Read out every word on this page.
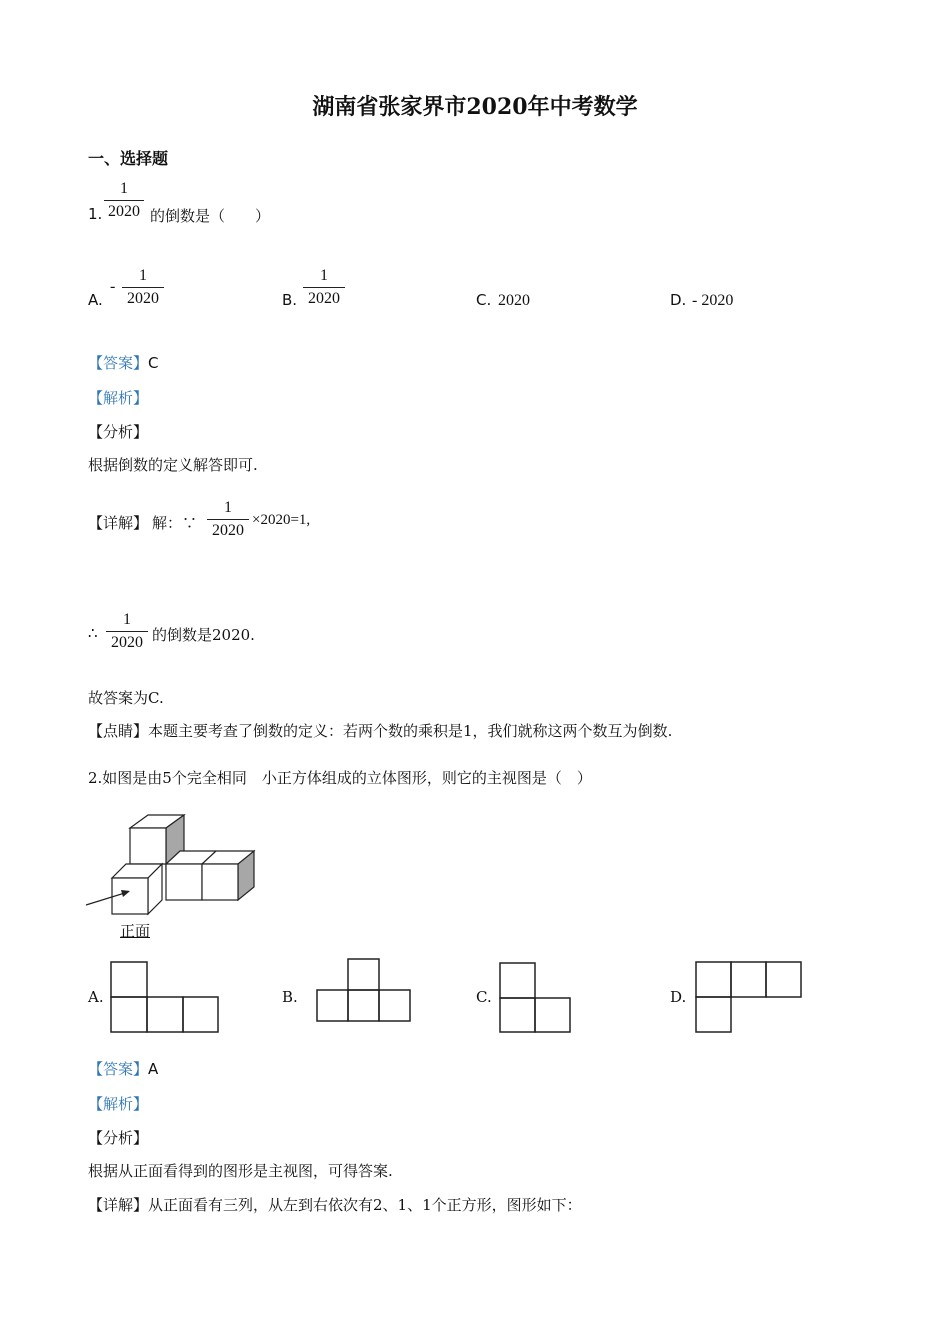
湖南省张家界市2020年中考数学
一、选择题
1.
1
2020 的倒数是（　　）
A.
-
1
2020	B.
1
2020	C. 2020	D. - 2020
【答案】C
【解析】
【分析】
根据倒数的定义解答即可.
【详解】 解：∵
1
2020
×2020=1,
∴
1
2020 的倒数是2020.
故答案为C.
【点睛】本题主要考查了倒数的定义：若两个数的乘积是1，我们就称这两个数互为倒数.
2.如图是由5个完全相同　小正方体组成的立体图形，则它的主视图是（　）
正面
A.	B.	C.	D.
【答案】A
【解析】
【分析】
根据从正面看得到的图形是主视图，可得答案.
【详解】从正面看有三列，从左到右依次有2、1、1个正方形，图形如下：
